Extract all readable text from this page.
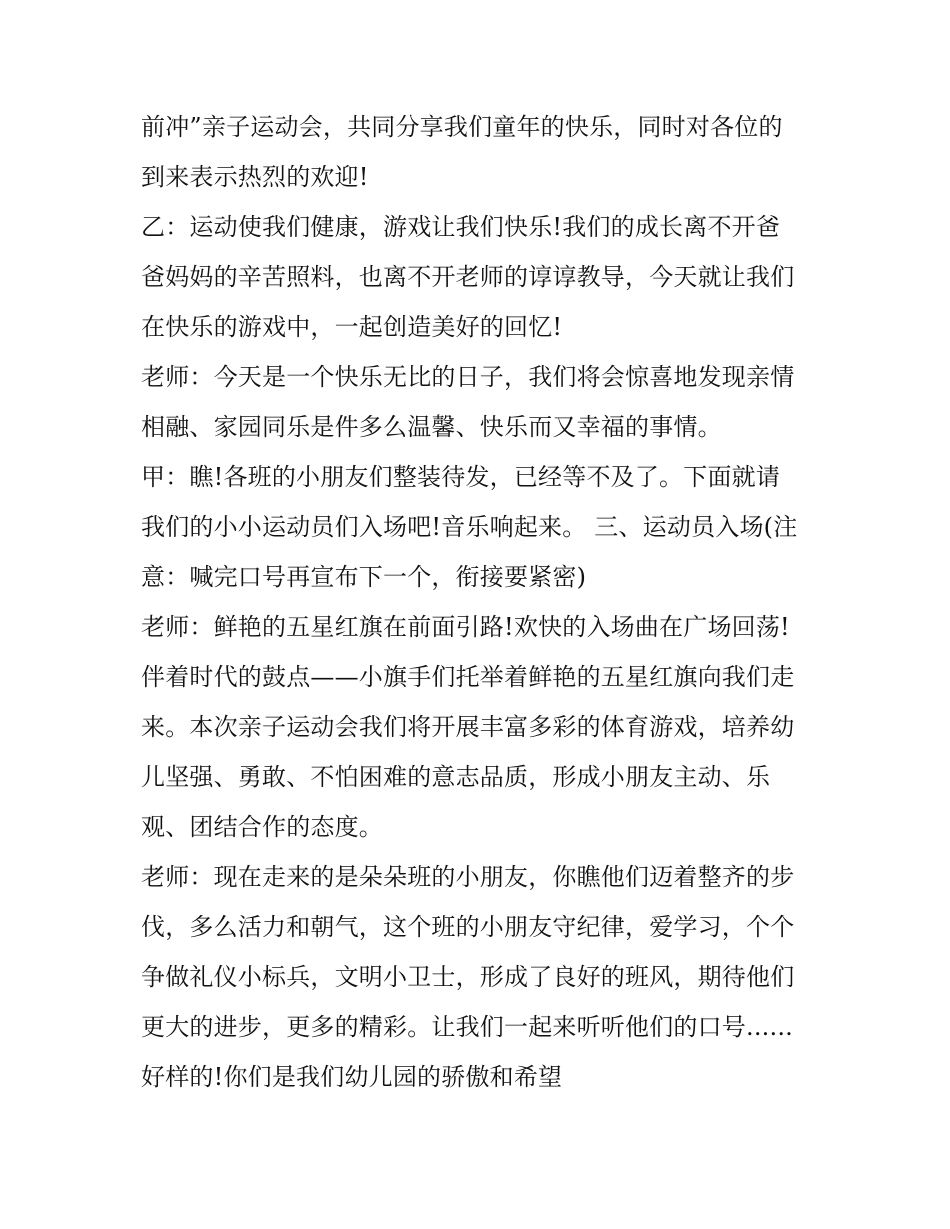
前冲”亲子运动会，共同分享我们童年的快乐，同时对各位的
到来表示热烈的欢迎!
乙：运动使我们健康，游戏让我们快乐!我们的成长离不开爸
爸妈妈的辛苦照料，也离不开老师的谆谆教导，今天就让我们
在快乐的游戏中，一起创造美好的回忆!
老师：今天是一个快乐无比的日子，我们将会惊喜地发现亲情
相融、家园同乐是件多么温馨、快乐而又幸福的事情。
甲：瞧!各班的小朋友们整装待发，已经等不及了。下面就请
我们的小小运动员们入场吧!音乐响起来。 三、运动员入场(注
意：喊完口号再宣布下一个，衔接要紧密)
老师：鲜艳的五星红旗在前面引路!欢快的入场曲在广场回荡!
伴着时代的鼓点——小旗手们托举着鲜艳的五星红旗向我们走
来。本次亲子运动会我们将开展丰富多彩的体育游戏，培养幼
儿坚强、勇敢、不怕困难的意志品质，形成小朋友主动、乐
观、团结合作的态度。
老师：现在走来的是朵朵班的小朋友，你瞧他们迈着整齐的步
伐，多么活力和朝气，这个班的小朋友守纪律，爱学习，个个
争做礼仪小标兵，文明小卫士，形成了良好的班风，期待他们
更大的进步，更多的精彩。让我们一起来听听他们的口号......
好样的!你们是我们幼儿园的骄傲和希望
